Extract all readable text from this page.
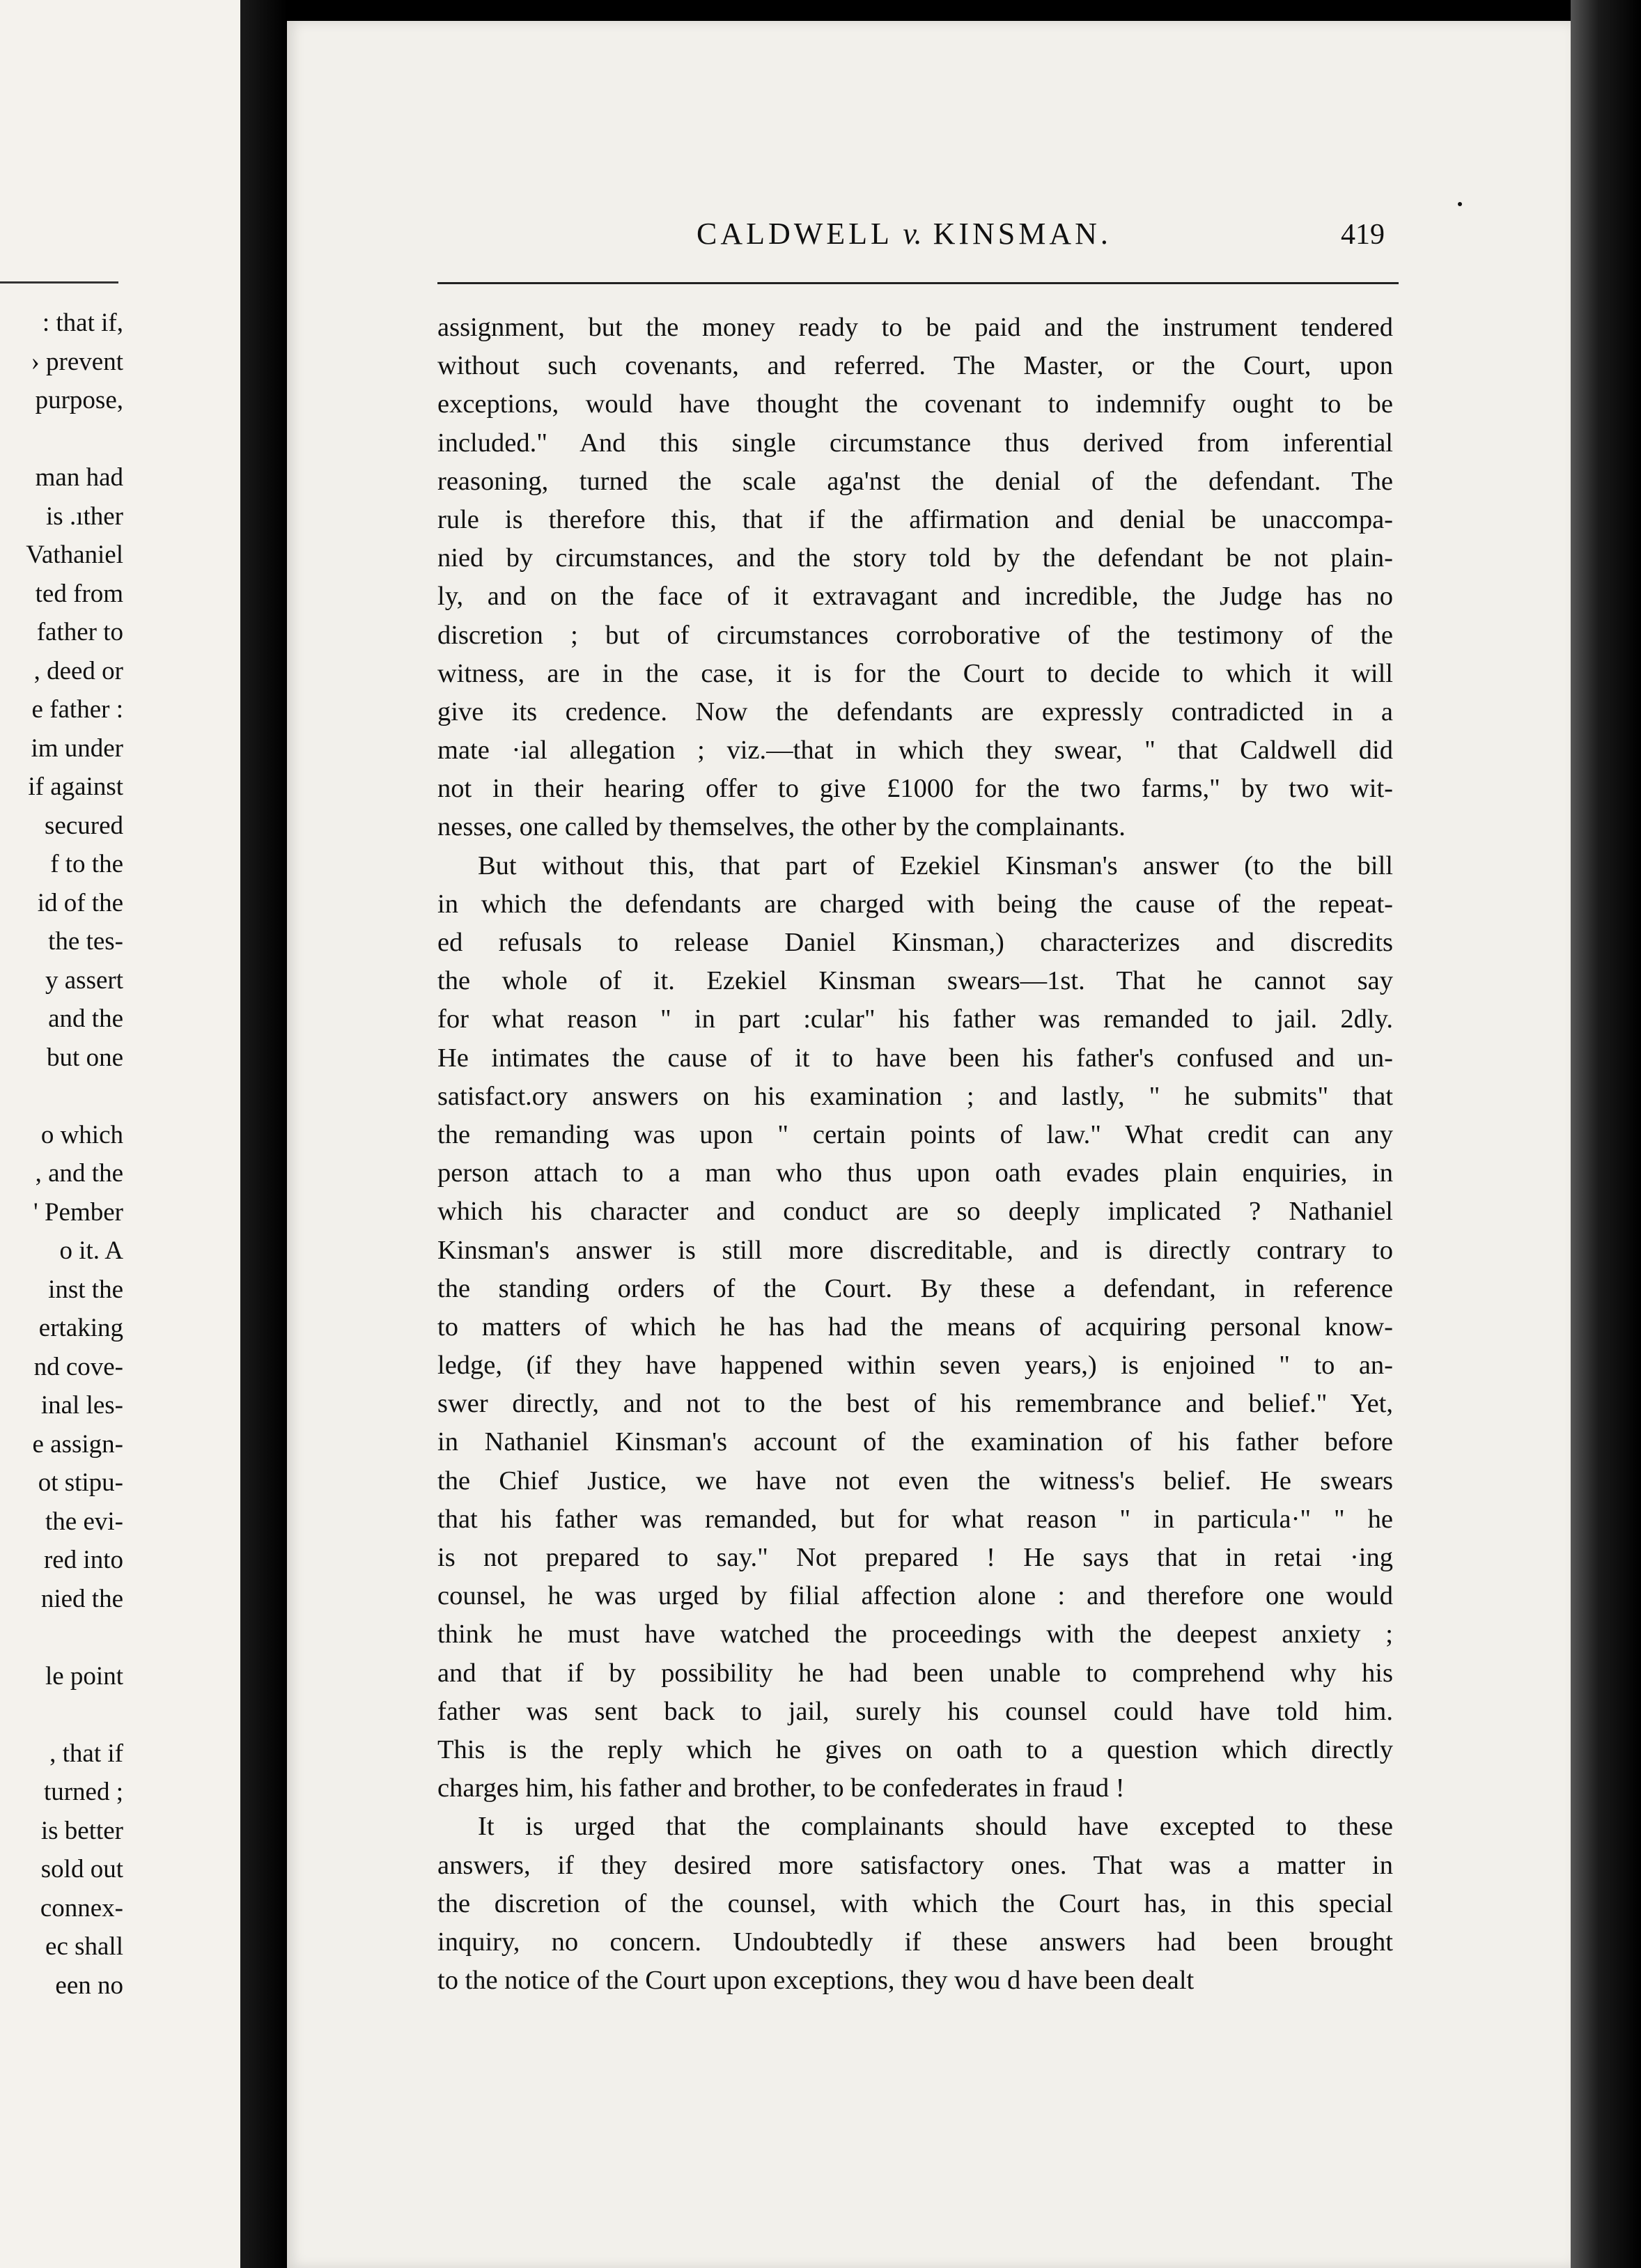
: that if,
› prevent
purpose,
man had
is .ıther
Vathaniel
ted from
father to
, deed or
e father :
im under
if against
secured
f to the
id of the
the tes-
y assert
and the
but one
o which
, and the
' Pember
o it. A
inst the
ertaking
nd cove-
inal les-
e assign-
ot stipu-
the evi-
red into
nied the
le point
, that if
turned ;
is better
sold out
connex-
ec shall
een no
CALDWELL v. KINSMAN.	419

assignment, but the money ready to be paid and the instrument tendered
without such covenants, and referred. The Master, or the Court, upon
exceptions, would have thought the covenant to indemnify ought to be
included." And this single circumstance thus derived from inferential
reasoning, turned the scale aga'nst the denial of the defendant. The
rule is therefore this, that if the affirmation and denial be unaccompa-
nied by circumstances, and the story told by the defendant be not plain-
ly, and on the face of it extravagant and incredible, the Judge has no
discretion ; but of circumstances corroborative of the testimony of the
witness, are in the case, it is for the Court to decide to which it will
give its credence. Now the defendants are expressly contradicted in a
mate ·ial allegation ; viz.—that in which they swear, " that Caldwell did
not in their hearing offer to give £1000 for the two farms," by two wit-
nesses, one called by themselves, the other by the complainants.

But without this, that part of Ezekiel Kinsman's answer (to the bill
in which the defendants are charged with being the cause of the repeat-
ed refusals to release Daniel Kinsman,) characterizes and discredits
the whole of it. Ezekiel Kinsman swears—1st. That he cannot say
for what reason " in part :cular" his father was remanded to jail. 2dly.
He intimates the cause of it to have been his father's confused and un-
satisfact.ory answers on his examination ; and lastly, " he submits" that
the remanding was upon " certain points of law." What credit can any
person attach to a man who thus upon oath evades plain enquiries, in
which his character and conduct are so deeply implicated ? Nathaniel
Kinsman's answer is still more discreditable, and is directly contrary to
the standing orders of the Court. By these a defendant, in reference
to matters of which he has had the means of acquiring personal know-
ledge, (if they have happened within seven years,) is enjoined " to an-
swer directly, and not to the best of his remembrance and belief." Yet,
in Nathaniel Kinsman's account of the examination of his father before
the Chief Justice, we have not even the witness's belief. He swears
that his father was remanded, but for what reason " in particula·" " he
is not prepared to say." Not prepared ! He says that in retai ·ing
counsel, he was urged by filial affection alone : and therefore one would
think he must have watched the proceedings with the deepest anxiety ;
and that if by possibility he had been unable to comprehend why his
father was sent back to jail, surely his counsel could have told him.
This is the reply which he gives on oath to a question which directly
charges him, his father and brother, to be confederates in fraud !

It is urged that the complainants should have excepted to these
answers, if they desired more satisfactory ones. That was a matter in
the discretion of the counsel, with which the Court has, in this special
inquiry, no concern. Undoubtedly if these answers had been brought
to the notice of the Court upon exceptions, they wou d have been dealt
